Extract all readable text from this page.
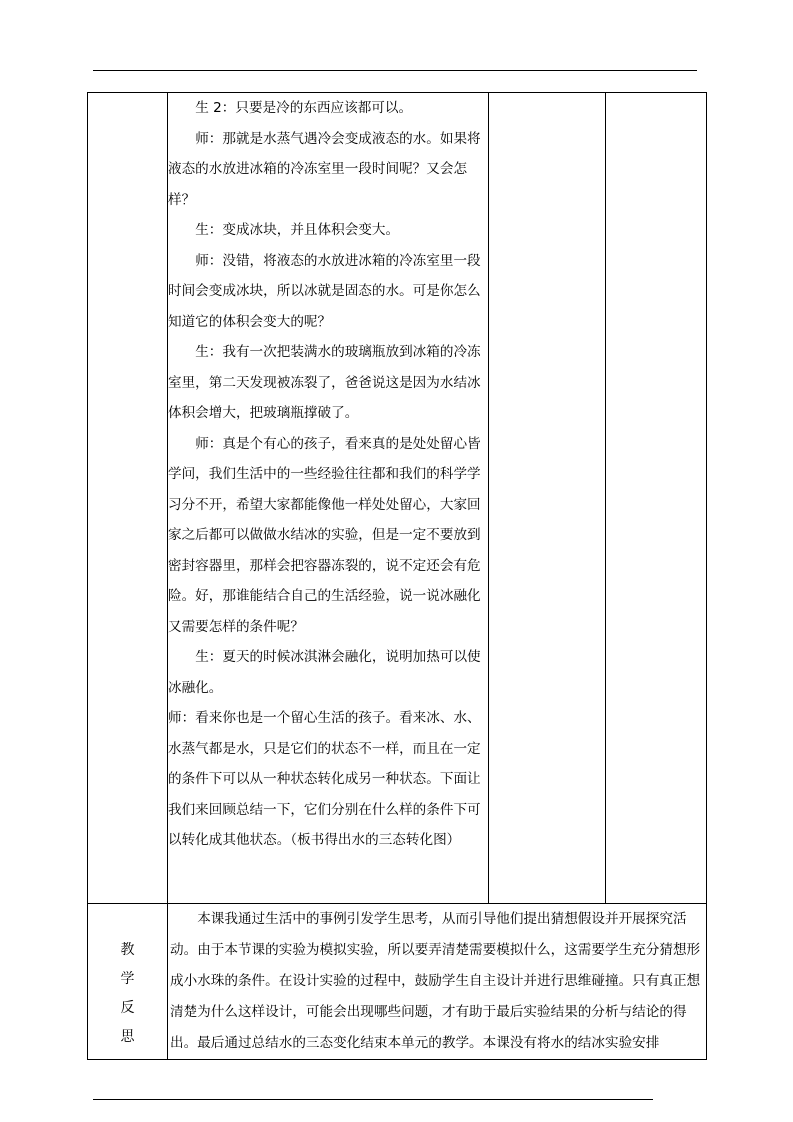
生 2：只要是冷的东西应该都可以。

师：那就是水蒸气遇冷会变成液态的水。如果将液态的水放进冰箱的冷冻室里一段时间呢？又会怎样？

生：变成冰块，并且体积会变大。

师：没错，将液态的水放进冰箱的冷冻室里一段时间会变成冰块，所以冰就是固态的水。可是你怎么知道它的体积会变大的呢？

生：我有一次把装满水的玻璃瓶放到冰箱的冷冻室里，第二天发现被冻裂了，爸爸说这是因为水结冰体积会增大，把玻璃瓶撑破了。

师：真是个有心的孩子，看来真的是处处留心皆学问，我们生活中的一些经验往往都和我们的科学学习分不开，希望大家都能像他一样处处留心，大家回家之后都可以做做水结冰的实验，但是一定不要放到密封容器里，那样会把容器冻裂的，说不定还会有危险。好，那谁能结合自己的生活经验，说一说冰融化又需要怎样的条件呢？

生：夏天的时候冰淇淋会融化，说明加热可以使冰融化。

师：看来你也是一个留心生活的孩子。看来冰、水、水蒸气都是水，只是它们的状态不一样，而且在一定的条件下可以从一种状态转化成另一种状态。下面让我们来回顾总结一下，它们分别在什么样的条件下可以转化成其他状态。（板书得出水的三态转化图）

教
学
反
思

本课我通过生活中的事例引发学生思考，从而引导他们提出猜想假设并开展探究活动。由于本节课的实验为模拟实验，所以要弄清楚需要模拟什么，这需要学生充分猜想形成小水珠的条件。在设计实验的过程中，鼓励学生自主设计并进行思维碰撞。只有真正想清楚为什么这样设计，可能会出现哪些问题，才有助于最后实验结果的分析与结论的得出。最后通过总结水的三态变化结束本单元的教学。本课没有将水的结冰实验安排
